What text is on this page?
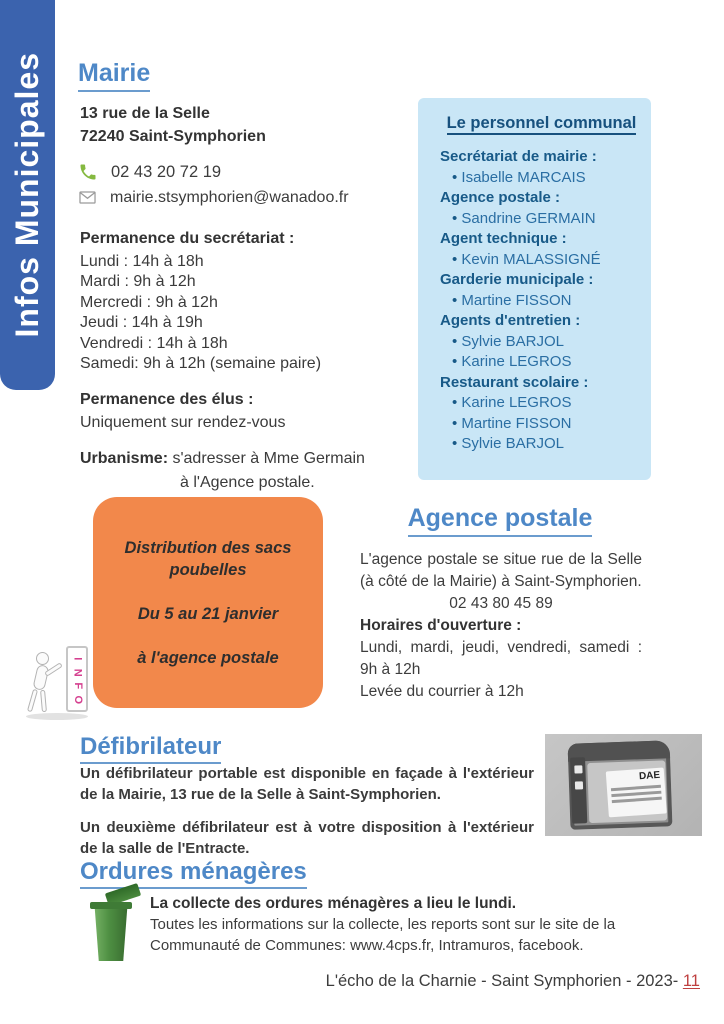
Infos Municipales Mairie
13 rue de la Selle
72240 Saint-Symphorien
02 43 20 72 19
mairie.stsymphorien@wanadoo.fr
Permanence du secrétariat :
Lundi : 14h à 18h
Mardi : 9h à 12h
Mercredi : 9h à 12h
Jeudi : 14h à 19h
Vendredi : 14h à 18h
Samedi: 9h à 12h (semaine paire)
Permanence des élus :
Uniquement sur rendez-vous
Urbanisme: s'adresser à Mme Germain
à l'Agence postale.
Distribution des sacs poubelles
Du 5 au 21 janvier
à l'agence postale
I
N
F
O
Le personnel communal
Secrétariat de mairie :
• Isabelle MARCAIS
Agence postale :
• Sandrine GERMAIN
Agent technique :
• Kevin MALASSIGNÉ
Garderie municipale :
• Martine FISSON
Agents d'entretien :
• Sylvie BARJOL
• Karine LEGROS
Restaurant scolaire :
• Karine LEGROS
• Martine FISSON
• Sylvie BARJOL
Agence postale
L'agence postale se situe rue de la Selle (à côté de la Mairie) à Saint-Symphorien.
02 43 80 45 89
Horaires d'ouverture :
Lundi, mardi, jeudi, vendredi, samedi : 9h à 12h
Levée du courrier à 12h
Défibrilateur

Un défibrilateur portable est disponible en façade à l'extérieur de la Mairie, 13 rue de la Selle à Saint-Symphorien.

Un deuxième défibrilateur est à votre disposition à l'extérieur de la salle de l'Entracte.

DAE
Ordures ménagères
La collecte des ordures ménagères a lieu le lundi.
Toutes les informations sur la collecte, les reports sont sur le site de la Communauté de Communes: www.4cps.fr, Intramuros, facebook.
L'écho de la Charnie - Saint Symphorien - 2023- 11
